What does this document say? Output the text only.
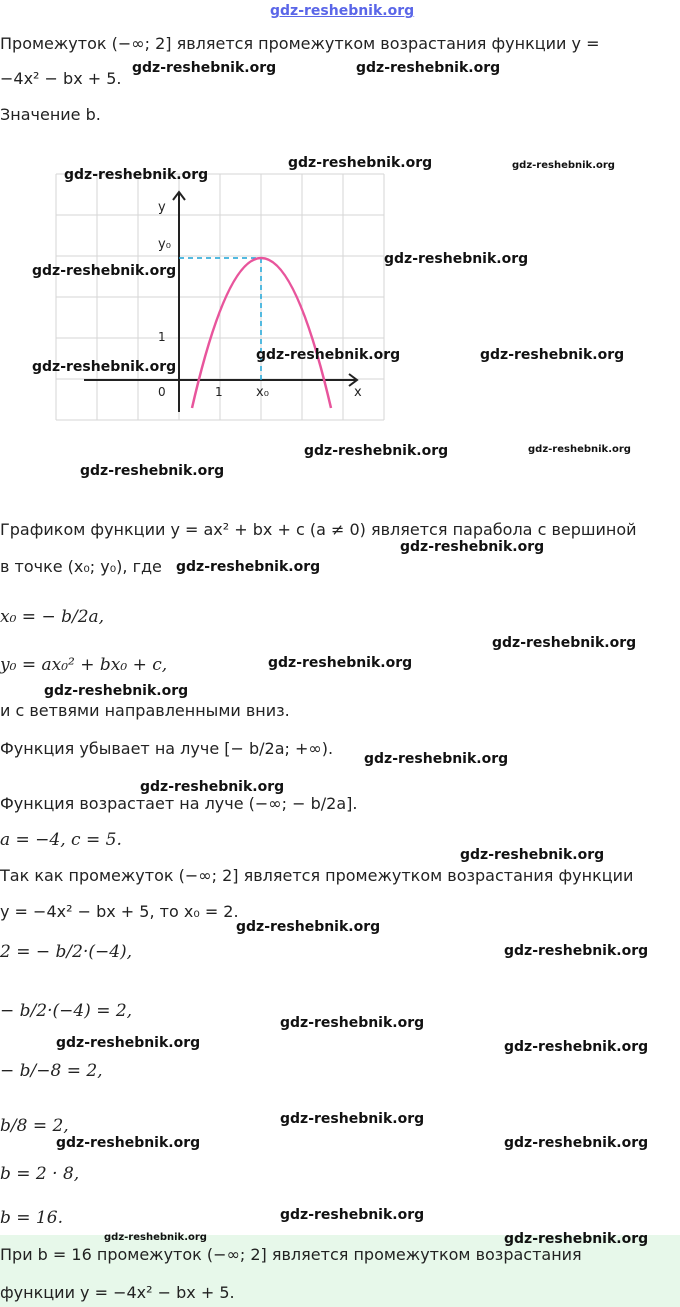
gdz-reshebnik.org
Промежуток (−∞; 2] является промежутком возрастания функции y =
−4x² − bx + 5.
Значение b.
y
x
y₀
x₀
0	1
1
Графиком функции y = ax² + bx + c (a ≠ 0) является парабола с вершиной
в точке (x₀; y₀), где
x₀ = − b/2a,
y₀ = ax₀² + bx₀ + c,
и с ветвями направленными вниз.
Функция убывает на луче [− b/2a; +∞).
Функция возрастает на луче (−∞; − b/2a].
a = −4, c = 5.
Так как промежуток (−∞; 2] является промежутком возрастания функции
y = −4x² − bx + 5, то x₀ = 2.
2 = − b/2·(−4),
− b/2·(−4) = 2,
− b/−8 = 2,
b/8 = 2,
b = 2 · 8,
b = 16.
При b = 16 промежуток (−∞; 2] является промежутком возрастания
функции y = −4x² − bx + 5.
gdz-reshebnik.org	gdz-reshebnik.org
gdz-reshebnik.org	gdz-reshebnik.org
gdz-reshebnik.org
gdz-reshebnik.org
gdz-reshebnik.org
gdz-reshebnik.org	gdz-reshebnik.org
gdz-reshebnik.org
gdz-reshebnik.org	gdz-reshebnik.org
gdz-reshebnik.org
gdz-reshebnik.org
gdz-reshebnik.org
gdz-reshebnik.org
gdz-reshebnik.org
gdz-reshebnik.org
gdz-reshebnik.org
gdz-reshebnik.org
gdz-reshebnik.org
gdz-reshebnik.org
gdz-reshebnik.org
gdz-reshebnik.org
gdz-reshebnik.org	gdz-reshebnik.org
gdz-reshebnik.org
gdz-reshebnik.org	gdz-reshebnik.org
gdz-reshebnik.org
gdz-reshebnik.org	gdz-reshebnik.org
